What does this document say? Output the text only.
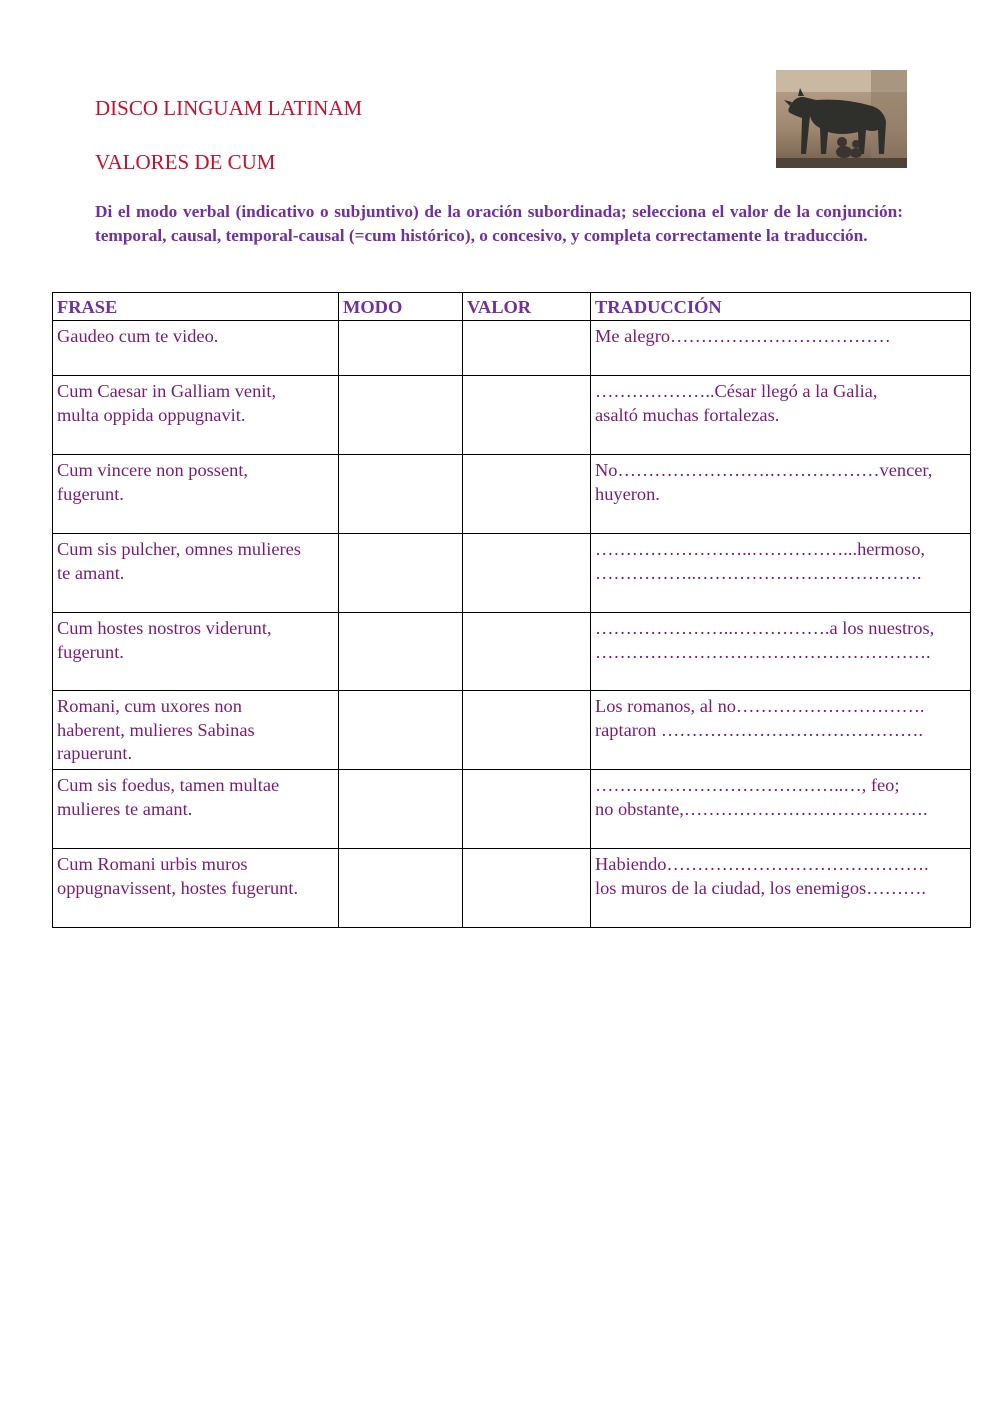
DISCO LINGUAM LATINAM
VALORES DE CUM

Di el modo verbal (indicativo o subjuntivo) de la oración subordinada; selecciona el valor de la conjunción: temporal, causal, temporal-causal (=cum histórico), o concesivo, y completa correctamente la traducción.

FRASE	MODO	VALOR	TRADUCCIÓN

Gaudeo cum te video.			Me alegro………………………………

Cum Caesar in Galliam venit,
multa oppida oppugnavit.			………………..César llegó a la Galia,
asaltó muchas fortalezas.

Cum vincere non possent,
fugerunt.			No…………………….………………vencer,
huyeron.

Cum sis pulcher, omnes mulieres
te amant.			……………………..……………...hermoso,
……………..……………………………….

Cum hostes nostros viderunt,
fugerunt.			…………………..…………….a los nuestros,
……………………………………………….

Romani, cum uxores non
haberent, mulieres Sabinas
rapuerunt.			Los romanos, al no………………………….
raptaron …………………………………….

Cum sis foedus, tamen multae
mulieres te amant.			…………………………………..…, feo;
no obstante,………………………………….

Cum Romani urbis muros
oppugnavissent, hostes fugerunt.			Habiendo…………………………………….
los muros de la ciudad, los enemigos……….
